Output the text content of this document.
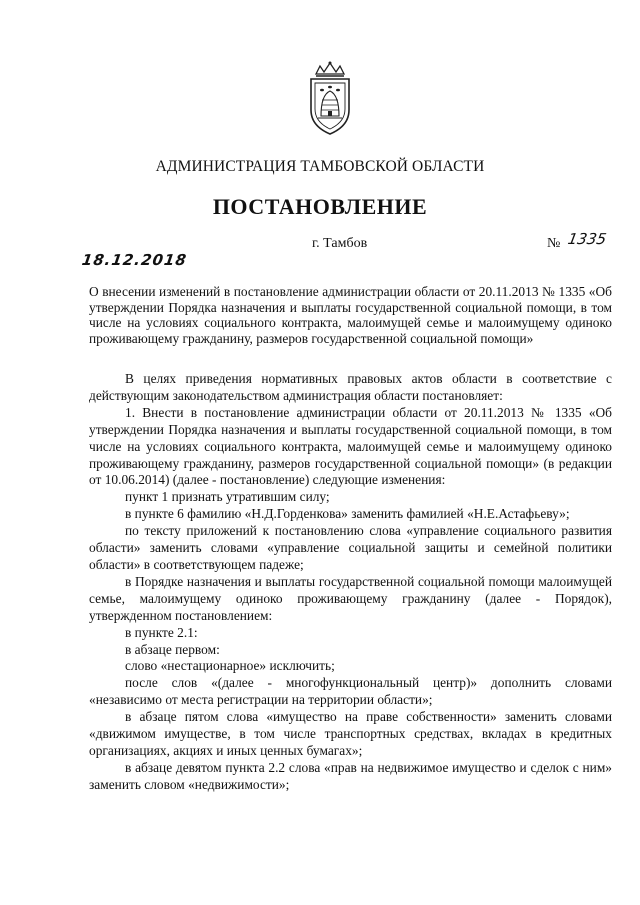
АДМИНИСТРАЦИЯ ТАМБОВСКОЙ ОБЛАСТИ
ПОСТАНОВЛЕНИЕ
18.12.2018
г. Тамбов	№ 1335
О внесении изменений в постановление администрации области от 20.11.2013 № 1335 «Об утверждении Порядка назначения и выплаты государственной социальной помощи, в том числе на условиях социального контракта, малоимущей семье и малоимущему одиноко проживающему гражданину, размеров государственной социальной помощи»

В целях приведения нормативных правовых актов области в соответствие с действующим законодательством администрация области постановляет:

1. Внести в постановление администрации области от 20.11.2013 № 1335 «Об утверждении Порядка назначения и выплаты государственной социальной помощи, в том числе на условиях социального контракта, малоимущей семье и малоимущему одиноко проживающему гражданину, размеров государственной социальной помощи» (в редакции от 10.06.2014) (далее - постановление) следующие изменения:

пункт 1 признать утратившим силу;

в пункте 6 фамилию «Н.Д.Горденкова» заменить фамилией «Н.Е.Астафьеву»;

по тексту приложений к постановлению слова «управление социального развития области» заменить словами «управление социальной защиты и семейной политики области» в соответствующем падеже;

в Порядке назначения и выплаты государственной социальной помощи малоимущей семье, малоимущему одиноко проживающему гражданину (далее - Порядок), утвержденном постановлением:

в пункте 2.1:

в абзаце первом:

слово «нестационарное» исключить;

после слов «(далее - многофункциональный центр)» дополнить словами «независимо от места регистрации на территории области»;

в абзаце пятом слова «имущество на праве собственности» заменить словами «движимом имуществе, в том числе транспортных средствах, вкладах в кредитных организациях, акциях и иных ценных бумагах»;

в абзаце девятом пункта 2.2 слова «прав на недвижимое имущество и сделок с ним» заменить словом «недвижимости»;
